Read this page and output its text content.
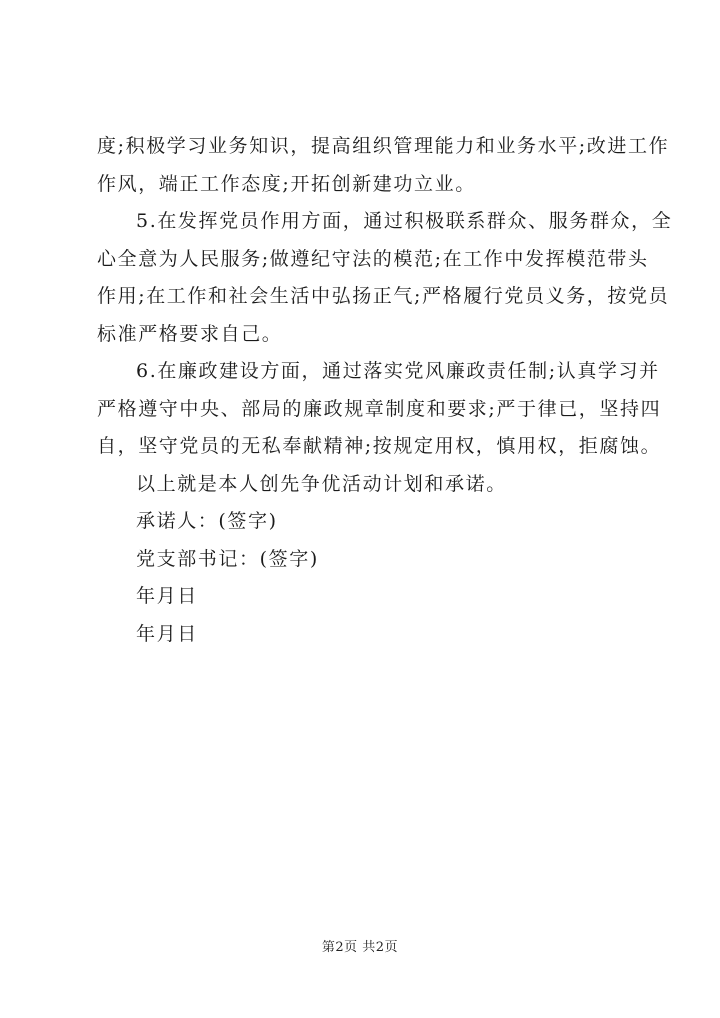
度;积极学习业务知识，提高组织管理能力和业务水平;改进工作
作风，端正工作态度;开拓创新建功立业。
5.在发挥党员作用方面，通过积极联系群众、服务群众，全
心全意为人民服务;做遵纪守法的模范;在工作中发挥模范带头
作用;在工作和社会生活中弘扬正气;严格履行党员义务，按党员
标准严格要求自己。
6.在廉政建设方面，通过落实党风廉政责任制;认真学习并
严格遵守中央、部局的廉政规章制度和要求;严于律已，坚持四
自，坚守党员的无私奉献精神;按规定用权，慎用权，拒腐蚀。
以上就是本人创先争优活动计划和承诺。
承诺人：(签字)
党支部书记：(签字)
年月日
年月日
第2页 共2页
